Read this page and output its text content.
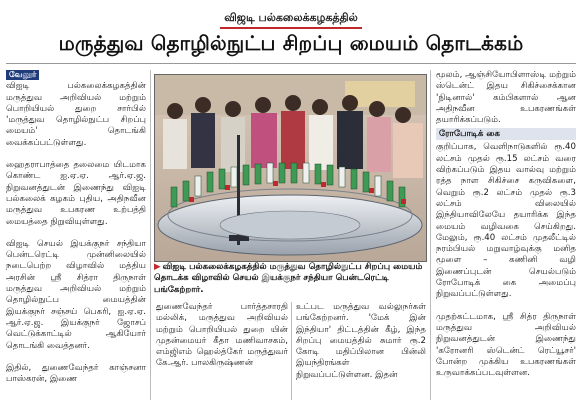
விஜடி பல்கலைக்கழகத்தில்
மருத்துவ தொழில்நுட்ப சிறப்பு மையம் தொடக்கம்

வேலூர்

விஐடி பல்கலைக்கழகத்தின் மருத்துவ அறிவியல் மற்றும் பொறியியல் துறை சார்பில் 'மருத்துவ தொழில்நுட்ப சிறப்பு மையம்' தொடங்கி வைக்கப்பட்டுள்ளது.

ஹைதராபாத்தை தலைமை யிடமாக கொண்ட ஐ.ஏ.ஏ. ஆர்.ஏ.ஜ. நிறுவனத்துடன் இணைந்து விஐடி பல்கலைக் கழகம் புதிய, அதிநவீன மருத்துவ உபகரண உற்பத்தி மையத்தை நிறுவியுள்ளது.

விஐடி செயல் இயக்குநர் சந்தியா பென்டரெட்டி முன்னிலையில் நடைபெற்ற விழாவில் மத்திய அரசின் ஸ்ரீ சித்ரா திருநாள் மருத்துவ அறிவியல் மற்றும் தொழில்நுட்ப மையத்தின் இயக்குநர் சஞ்சய் பெகரி, ஐ.ஏ.ஏ. ஆர்.ஏ.ஜ. இயக்குநர் ஜோசப் வெட்டுக்காட்டில் ஆகியோர் தொடங்கி வைத்தனர்.

இதில், துணைவேந்தர் காஞ்சனா பாஸ்கரன், இணை

▶ விஐடி பல்கலைக்கழகத்தில் மருத்துவ தொழில்நுட்ப சிறப்பு மையம் தொடக்க விழாவில் செயல் இயக்குநர் சந்தியா பென்டரெட்டி பங்கேற்றார்.

துணைவேந்தர் பார்த்தசாரதி மல்லிக், மருத்துவ அறிவியல் மற்றும் பொறியியல் துறை யின் முதன்மையர் கீதா மணிவாசகம், எம்ஜிஎம் ஹெல்த்கேர் மருத்துவர் கே.ஆர். பாலகிருஷ்ணன்

உட்பட மருத்துவ வல்லுநர்கள் பங்கேற்றனர். 'மேக் இன் இந்தியா' திட்டத்தின் கீழ், இந்த சிறப்பு மையத்தில் சுமார் ரூ.2 கோடி மதிப்பிலான பின்லி இயந்திரங்கள் நிறுவப்பட்டுள்ளன. இதன்

மூலம், ஆஞ்சியோபிளாஸ்டி மற்றும் ஸ்டென்ட் இதய சிகிச்சைக்கான 'நிடினால்' கம்பிகளால் ஆன அதிநவீன உபகரணங்கள் தயாரிக்கப்படும்.

ரோபோடிக் கை

குறிப்பாக, வெளிநாடுகளில் ரூ.40 லட்சம் முதல் ரூ.15 லட்சம் வரை விற்கப்படும் இதய வால்வு மற்றும் ரத்த நாள சிகிச்சை கருவிகளை, வெறும் ரூ.2 லட்சம் முதல் ரூ.3 லட்சம் விலையில் இந்தியாவிலேயே தயாரிக்க இந்த மையம் வழிவகை செய்கிறது. மேலும், ரூ.40 லட்சம் முதலீட்டில் நரம்பியல் மறுவாழ்வுக்கு மனித மூளை – கணினி வழி இணைப்புடன் செயல்படும் ரோபோடிக் கை அமைப்பு நிறுவப்பட்டுள்ளது.

முதற்கட்டமாக, ஸ்ரீ சித்ர திருநாள் மருத்துவ அறிவியல் நிறுவனத்துடன் இணைந்து 'கரோனரி ஸ்டென்ட் ரெட்யூசர்' போன்ற முக்கிய உபகரணங்கள் உருவாக்கப்படவுள்ளன.
